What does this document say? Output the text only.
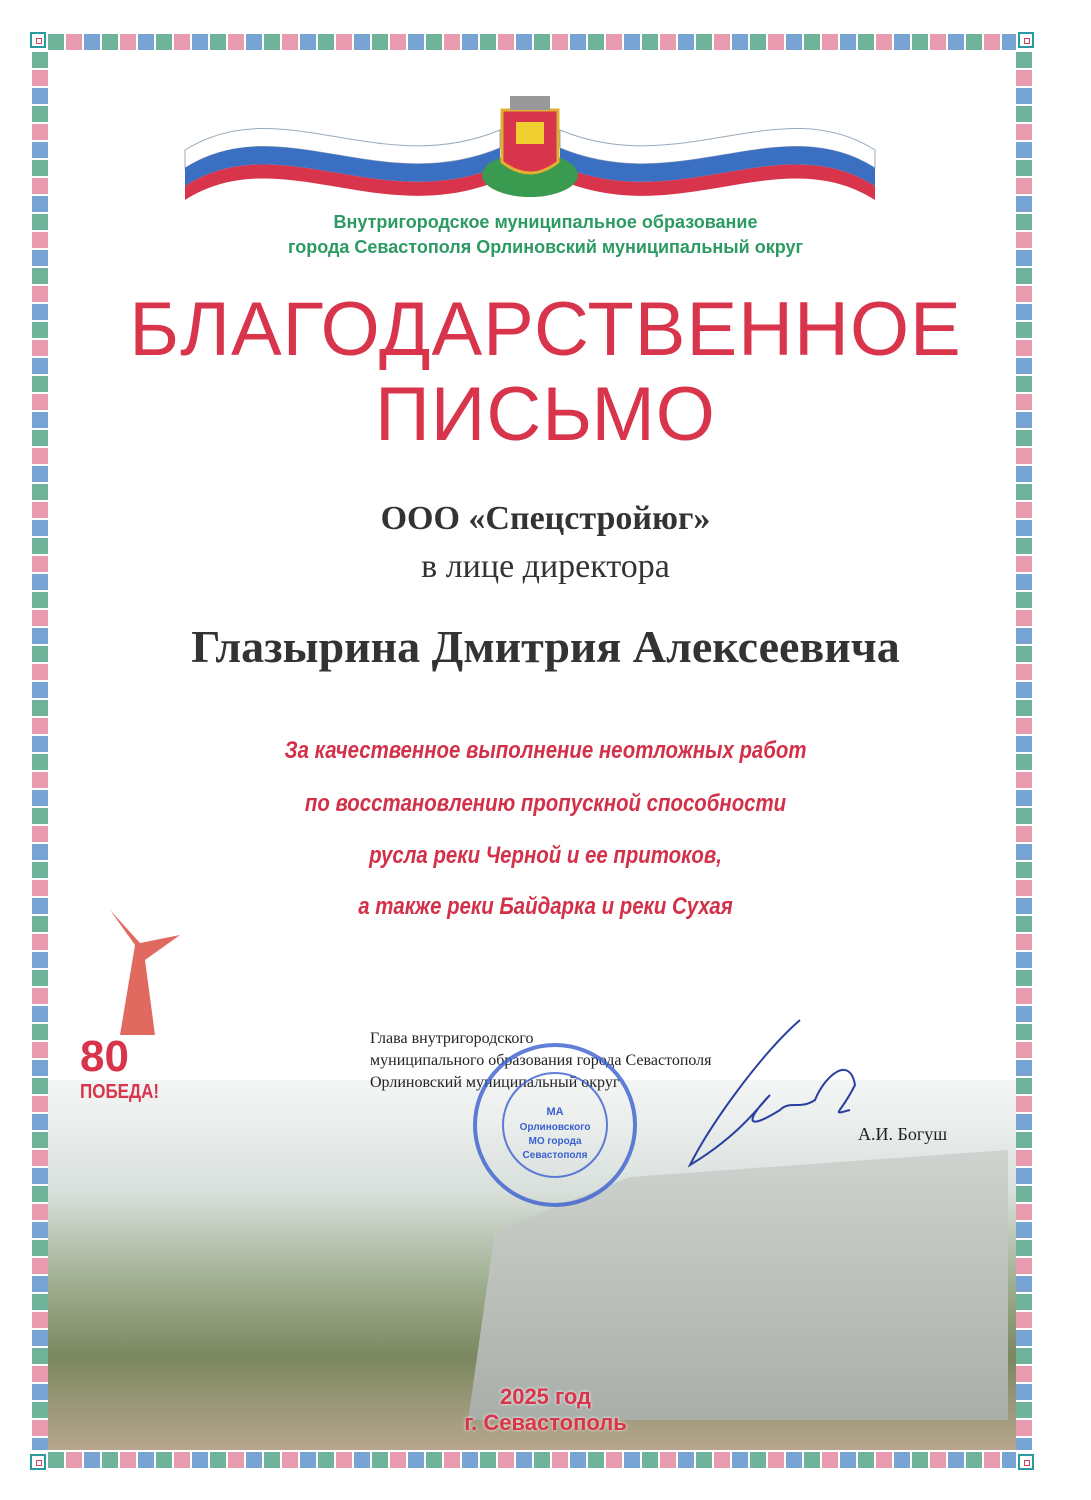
Внутригородское муниципальное образование
города Севастополя Орлиновский муниципальный округ
БЛАГОДАРСТВЕННОЕ
ПИСЬМО
ООО «Спецстройюг»
в лице директора
Глазырина Дмитрия Алексеевича
За качественное выполнение неотложных работ
по восстановлению пропускной способности
русла реки Черной и ее притоков,
а также реки Байдарка и реки Сухая
80
ПОБЕДА!
Глава внутригородского
муниципального образования города Севастополя
Орлиновский муниципальный округ
А.И. Богуш
МА
Орлиновского
МО города
Севастополя
2025 год
г. Севастополь
